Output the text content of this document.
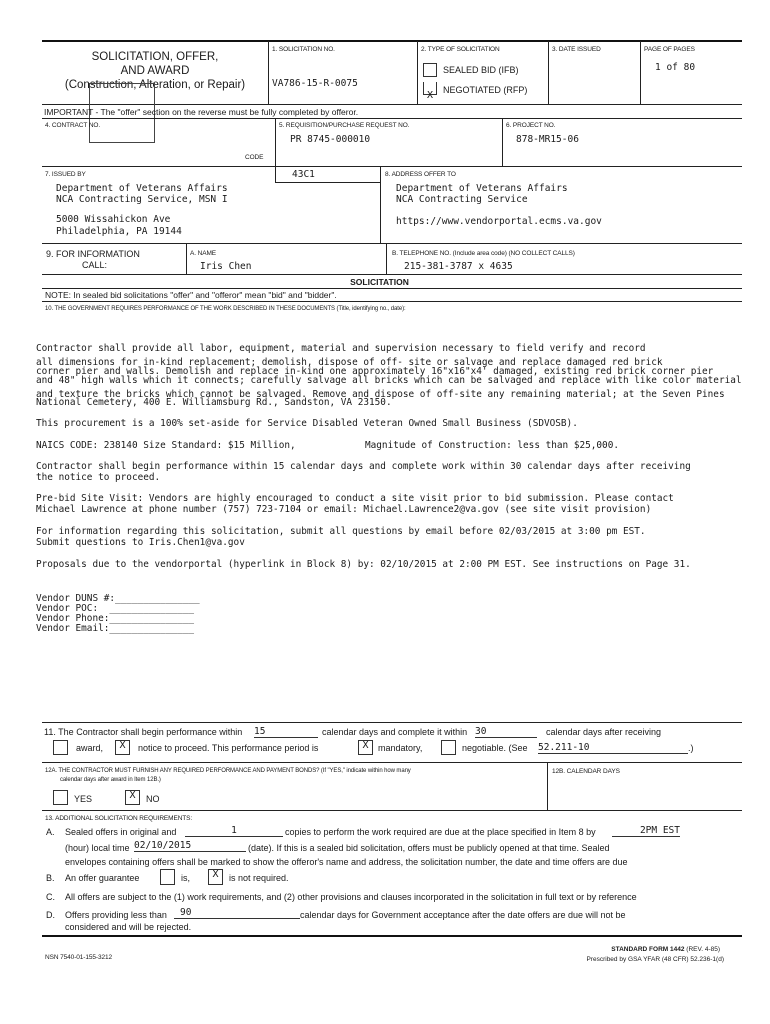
SOLICITATION, OFFER,
AND AWARD
(Construction, Alteration, or Repair)
1. SOLICITATION NO.
VA786-15-R-0075
2. TYPE OF SOLICITATION
SEALED BID (IFB)
X	NEGOTIATED (RFP)
3. DATE ISSUED	PAGE OF PAGES
1 of 80
IMPORTANT - The "offer" section on the reverse must be fully completed by offeror.
4. CONTRACT NO.	5. REQUISITION/PURCHASE REQUEST NO.
PR 8745-000010
6. PROJECT NO.
878-MR15-06
CODE
7. ISSUED BY	43C1
Department of Veterans Affairs
NCA Contracting Service, MSN I
5000 Wissahickon Ave
Philadelphia, PA 19144
8. ADDRESS OFFER TO
Department of Veterans Affairs
NCA Contracting Service
https://www.vendorportal.ecms.va.gov
9. FOR INFORMATION
CALL:
A. NAME
Iris Chen
B. TELEPHONE NO. (Include area code) (NO COLLECT CALLS)
215-381-3787 x 4635
SOLICITATION
NOTE: In sealed bid solicitations "offer" and "offeror" mean "bid" and "bidder".
10. THE GOVERNMENT REQUIRES PERFORMANCE OF THE WORK DESCRIBED IN THESE DOCUMENTS (Title, identifying no., date):
Contractor shall provide all labor, equipment, material and supervision necessary to field verify and record
all dimensions for in-kind replacement; demolish, dispose of off- site or salvage and replace damaged red brick
corner pier and walls. Demolish and replace in-kind one approximately 16"x16"x4' damaged, existing red brick corner pier
and 48" high walls which it connects; carefully salvage all bricks which can be salvaged and replace with like color material
and texture the bricks which cannot be salvaged. Remove and dispose of off-site any remaining material; at the Seven Pines
National Cemetery, 400 E. Williamsburg Rd., Sandston, VA 23150.
This procurement is a 100% set-aside for Service Disabled Veteran Owned Small Business (SDVOSB).
NAICS CODE: 238140 Size Standard: $15 Million,	Magnitude of Construction: less than $25,000.
Contractor shall begin performance within 15 calendar days and complete work within 30 calendar days after receiving
the notice to proceed.
Pre-bid Site Visit: Vendors are highly encouraged to conduct a site visit prior to bid submission. Please contact
Michael Lawrence at phone number (757) 723-7104 or email: Michael.Lawrence2@va.gov (see site visit provision)
For information regarding this solicitation, submit all questions by email before 02/03/2015 at 3:00 pm EST.
Submit questions to Iris.Chen1@va.gov
Proposals due to the vendorportal (hyperlink in Block 8) by: 02/10/2015 at 2:00 PM EST. See instructions on Page 31.
Vendor DUNS #:_______________
Vendor POC:  _______________
Vendor Phone:_______________
Vendor Email:_______________
11. The Contractor shall begin performance within 15	calendar days and complete it within 30	calendar days after receiving
award,	X	notice to proceed. This performance period is	X	mandatory,	negotiable. (See 52.211-10	.)
12A. THE CONTRACTOR MUST FURNISH ANY REQUIRED PERFORMANCE AND PAYMENT BONDS? (If "YES," indicate within how many
calendar days after award in Item 12B.)
YES	X	NO
12B. CALENDAR DAYS
13. ADDITIONAL SOLICITATION REQUIREMENTS:
A. Sealed offers in original and	1	copies to perform the work required are due at the place specified in Item 8 by	2PM EST
(hour) local time 02/10/2015	(date). If this is a sealed bid solicitation, offers must be publicly opened at that time. Sealed
envelopes containing offers shall be marked to show the offeror's name and address, the solicitation number, the date and time offers are due
B. An offer guarantee	is,	X	is not required.
C. All offers are subject to the (1) work requirements, and (2) other provisions and clauses incorporated in the solicitation in full text or by reference
D. Offers providing less than	90	calendar days for Government acceptance after the date offers are due will not be
considered and will be rejected.
NSN 7540-01-155-3212
STANDARD FORM 1442 (REV. 4-85)
Prescribed by GSA YFAR (48 CFR) 52.236-1(d)
